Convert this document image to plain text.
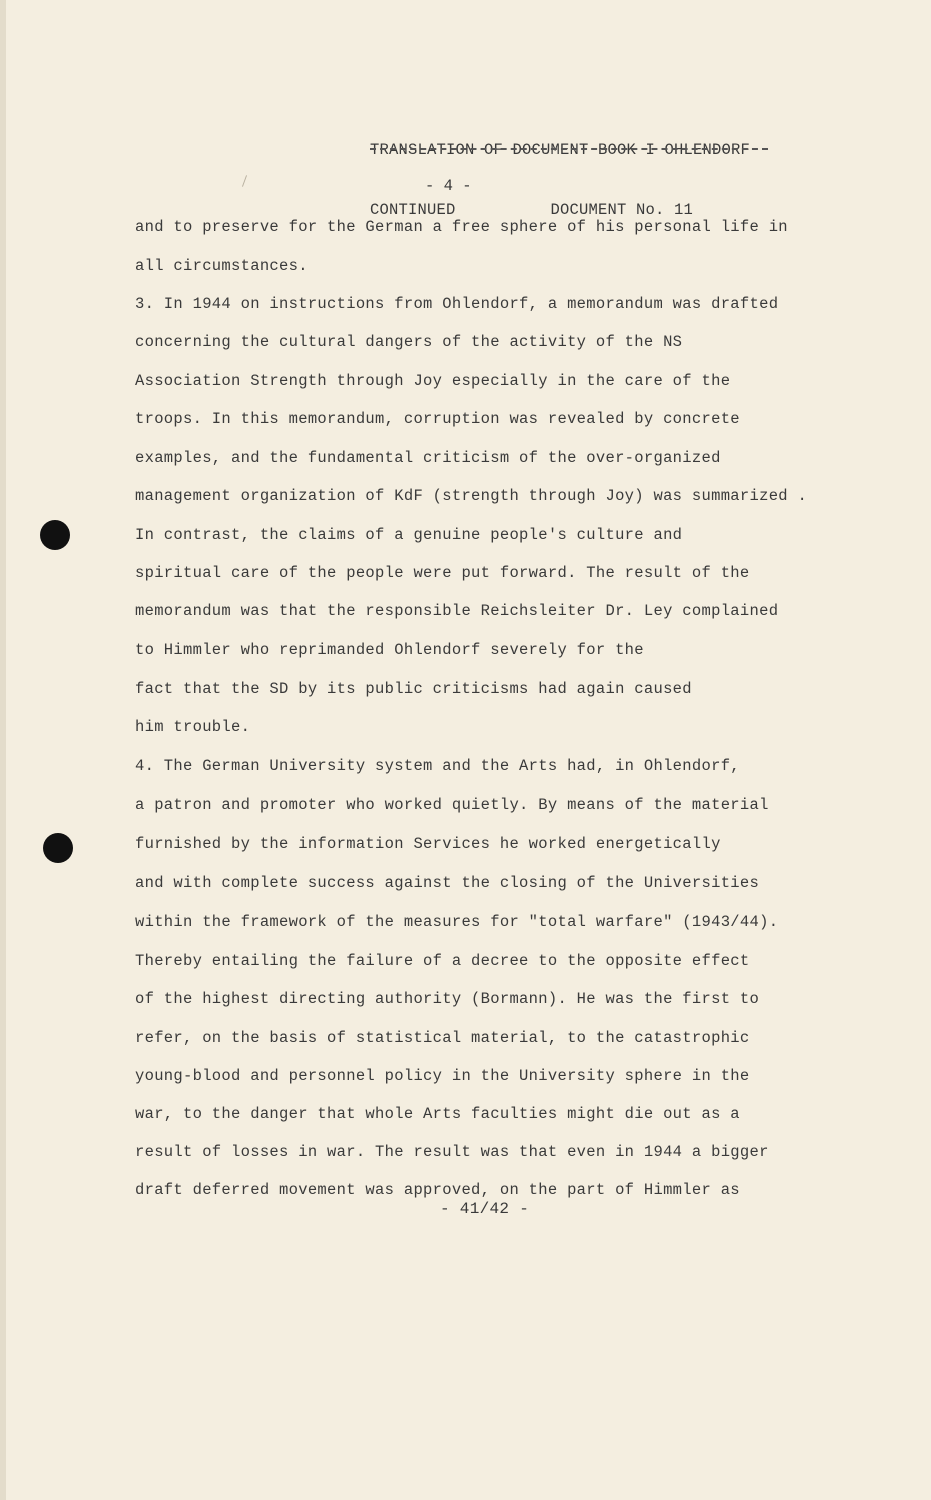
TRANSLATION OF DOCUMENT BOOK I OHLENDORF

CONTINUED          DOCUMENT No. 11

- 4 -
and to preserve for the German a free sphere of his personal life in
all circumstances.
3. In 1944 on instructions from Ohlendorf, a memorandum was drafted
concerning the cultural dangers of the activity of the NS
Association Strength through Joy especially in the care of the
troops. In this memorandum, corruption was revealed by concrete
examples, and the fundamental criticism of the over-organized
management organization of KdF (strength through Joy) was summarized .
In contrast, the claims of a genuine people's culture and
spiritual care of the people were put forward. The result of the
memorandum was that the responsible Reichsleiter Dr. Ley complained
to Himmler who reprimanded Ohlendorf severely for the
fact that the SD by its public criticisms had again caused
him trouble.
4. The German University system and the Arts had, in Ohlendorf,
a patron and promoter who worked quietly. By means of the material
furnished by the information Services he worked energetically
and with complete success against the closing of the Universities
within the framework of the measures for "total warfare" (1943/44).
Thereby entailing the failure of a decree to the opposite effect
of the highest directing authority (Bormann). He was the first to
refer, on the basis of statistical material, to the catastrophic
young-blood and personnel policy in the University sphere in the
war, to the danger that whole Arts faculties might die out as a
result of losses in war. The result was that even in 1944 a bigger
draft deferred movement was approved, on the part of Himmler as
- 41/42 -
